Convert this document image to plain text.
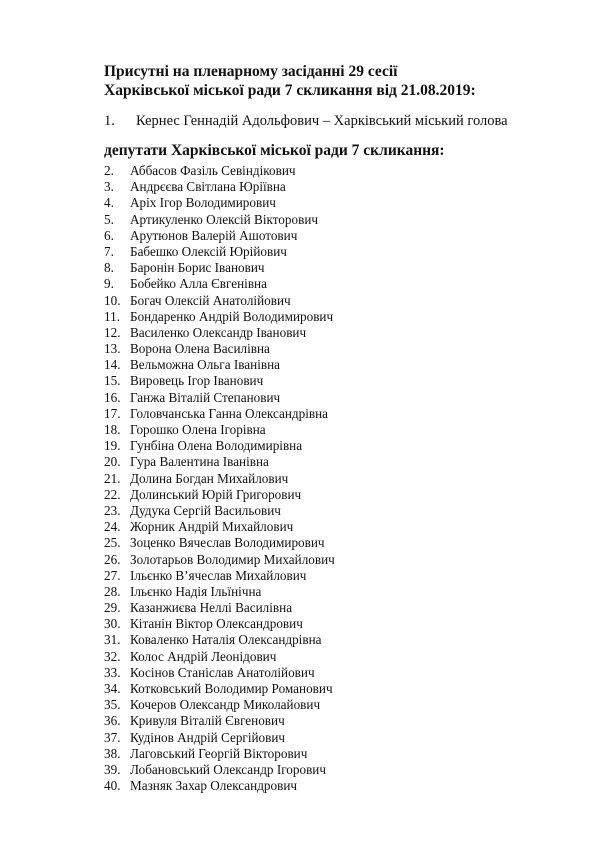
Присутні на пленарному засіданні 29 сесії
Харківської міської ради 7 скликання від 21.08.2019:
1. Кернес Геннадій Адольфович – Харківський міський голова
депутати Харківської міської ради 7 скликання:
2.	Аббасов Фазіль Севіндікович
3.	Андрєєва Світлана Юріївна
4.	Аріх Ігор Володимирович
5.	Артикуленко Олексій Вікторович
6.	Арутюнов Валерій Ашотович
7.	Бабешко Олексій Юрійович
8.	Баронін Борис Іванович
9.	Бобейко Алла Євгенівна
10. Богач Олексій Анатолійович
11. Бондаренко Андрій Володимирович
12. Василенко Олександр Іванович
13. Ворона Олена Василівна
14. Вельможна Ольга Іванівна
15. Вировець Ігор Іванович
16. Ганжа Віталій Степанович
17. Головчанська Ганна Олександрівна
18. Горошко Олена Ігорівна
19. Гунбіна Олена Володимирівна
20. Гура Валентина Іванівна
21. Долина Богдан Михайлович
22. Долинський Юрій Григорович
23. Дудука Сергій Васильович
24. Жорник Андрій Михайлович
25. Зоценко Вячеслав Володимирович
26. Золотарьов Володимир Михайлович
27. Ільєнко В’ячеслав Михайлович
28. Ільєнко Надія Ільїнічна
29. Казанжиєва Неллі Василівна
30. Кітанін Віктор Олександрович
31. Коваленко Наталія Олександрівна
32. Колос Андрій Леонідович
33. Косінов Станіслав Анатолійович
34. Котковський Володимир Романович
35. Кочеров Олександр Миколайович
36. Кривуля Віталій Євгенович
37. Кудінов Андрій Сергійович
38. Лаговський Георгій Вікторович
39. Лобановський Олександр Ігорович
40. Мазняк Захар Олександрович
